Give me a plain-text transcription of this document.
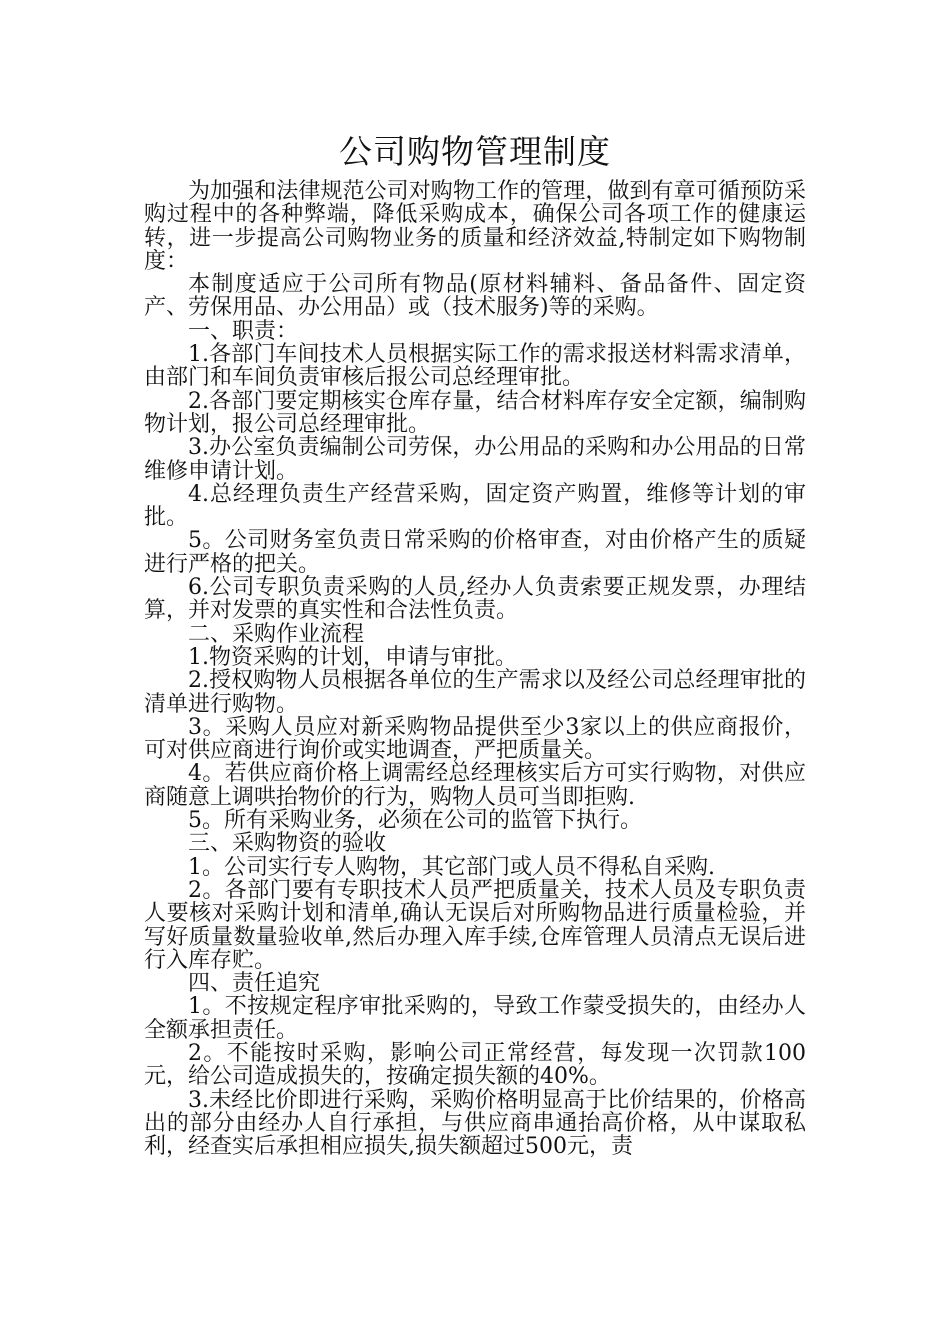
公司购物管理制度

为加强和法律规范公司对购物工作的管理，做到有章可循预防采购过程中的各种弊端，降低采购成本，确保公司各项工作的健康运转，进一步提高公司购物业务的质量和经济效益,特制定如下购物制度：

本制度适应于公司所有物品(原材料辅料、备品备件、固定资产、劳保用品、办公用品）或（技术服务)等的采购。

一、职责：

1.各部门车间技术人员根据实际工作的需求报送材料需求清单，由部门和车间负责审核后报公司总经理审批。

2.各部门要定期核实仓库存量，结合材料库存安全定额，编制购物计划，报公司总经理审批。

3.办公室负责编制公司劳保，办公用品的采购和办公用品的日常维修申请计划。

4.总经理负责生产经营采购，固定资产购置，维修等计划的审批。

5。公司财务室负责日常采购的价格审查，对由价格产生的质疑进行严格的把关。

6.公司专职负责采购的人员,经办人负责索要正规发票，办理结算，并对发票的真实性和合法性负责。

二、采购作业流程

1.物资采购的计划，申请与审批。

2.授权购物人员根据各单位的生产需求以及经公司总经理审批的清单进行购物。

3。采购人员应对新采购物品提供至少3家以上的供应商报价，可对供应商进行询价或实地调查，严把质量关。

4。若供应商价格上调需经总经理核实后方可实行购物，对供应商随意上调哄抬物价的行为，购物人员可当即拒购.

5。所有采购业务，必须在公司的监管下执行。

三、采购物资的验收

1。公司实行专人购物，其它部门或人员不得私自采购.

2。各部门要有专职技术人员严把质量关，技术人员及专职负责人要核对采购计划和清单,确认无误后对所购物品进行质量检验，并写好质量数量验收单,然后办理入库手续,仓库管理人员清点无误后进行入库存贮。

四、责任追究

1。不按规定程序审批采购的，导致工作蒙受损失的，由经办人全额承担责任。

2。不能按时采购，影响公司正常经营，每发现一次罚款100元，给公司造成损失的，按确定损失额的40%。

3.未经比价即进行采购，采购价格明显高于比价结果的，价格高出的部分由经办人自行承担，与供应商串通抬高价格，从中谋取私利，经查实后承担相应损失,损失额超过500元，责
